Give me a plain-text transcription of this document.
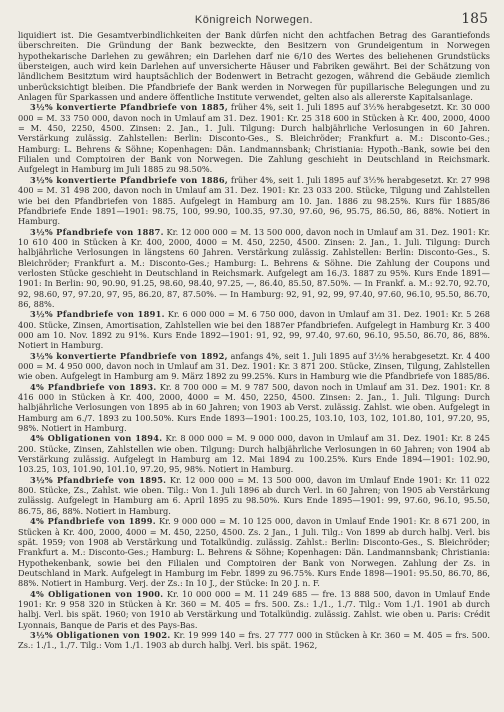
Königreich Norwegen.	185

liquidiert ist. Die Gesamtverbindlichkeiten der Bank dürfen nicht den achtfachen Betrag des Garantiefonds überschreiten. Die Gründung der Bank bezweckte, den Besitzern von Grundeigentum in Norwegen hypothekarische Darlehen zu gewähren; ein Darlehen darf nie 6/10 des Wertes des beliehenen Grundstücks übersteigen, auch wird kein Darlehen auf unversicherte Häuser und Fabriken gewährt. Bei der Schätzung von ländlichem Besitztum wird hauptsächlich der Bodenwert in Betracht gezogen, während die Gebäude ziemlich unberücksichtigt bleiben. Die Pfandbriefe der Bank werden in Norwegen für pupillarische Belegungen und zu Anlagen für Sparkassen und andere öffentliche Institute verwendet, gelten also als allererste Kapitalsanlage.

3½% konvertierte Pfandbriefe von 1885, früher 4%, seit 1. Juli 1895 auf 3½% herabgesetzt. Kr. 30 000 000 = M. 33 750 000, davon noch in Umlauf am 31. Dez. 1901: Kr. 25 318 600 in Stücken à Kr. 400, 2000, 4000 = M. 450, 2250, 4500. Zinsen: 2. Jan., 1. Juli. Tilgung: Durch halbjährliche Verlosungen in 60 Jahren. Verstärkung zulässig. Zahlstellen: Berlin: Disconto-Ges., S. Bleichröder; Frankfurt a. M.: Disconto-Ges.; Hamburg: L. Behrens & Söhne; Kopenhagen: Dän. Landmannsbank; Christiania: Hypoth.-Bank, sowie bei den Filialen und Comptoiren der Bank von Norwegen. Die Zahlung geschieht in Deutschland in Reichsmark. Aufgelegt in Hamburg im Juli 1885 zu 98.50%.

3½% konvertierte Pfandbriefe von 1886, früher 4%, seit 1. Juli 1895 auf 3½% herabgesetzt. Kr. 27 998 400 = M. 31 498 200, davon noch in Umlauf am 31. Dez. 1901: Kr. 23 033 200. Stücke, Tilgung und Zahlstellen wie bei den Pfandbriefen von 1885. Aufgelegt in Hamburg am 10. Jan. 1886 zu 98.25%. Kurs für 1885/86 Pfandbriefe Ende 1891—1901: 98.75, 100, 99.90, 100.35, 97.30, 97.60, 96, 95.75, 86.50, 86, 88%. Notiert in Hamburg.

3½% Pfandbriefe von 1887. Kr. 12 000 000 = M. 13 500 000, davon noch in Umlauf am 31. Dez. 1901: Kr. 10 610 400 in Stücken à Kr. 400, 2000, 4000 = M. 450, 2250, 4500. Zinsen: 2. Jan., 1. Juli. Tilgung: Durch halbjährliche Verlosungen in längstens 60 Jahren. Verstärkung zulässig. Zahlstellen: Berlin: Disconto-Ges., S. Bleichröder; Frankfurt a. M.: Disconto-Ges.; Hamburg: L. Behrens & Söhne. Die Zahlung der Coupons und verlosten Stücke geschieht in Deutschland in Reichsmark. Aufgelegt am 16./3. 1887 zu 95%. Kurs Ende 1891—1901: In Berlin: 90, 90.90, 91.25, 98.60, 98.40, 97.25, —, 86.40, 85.50, 87.50%. — In Frankf. a. M.: 92.70, 92.70, 92, 98.60, 97, 97.20, 97, 95, 86.20, 87, 87.50%. — In Hamburg: 92, 91, 92, 99, 97.40, 97.60, 96.10, 95.50, 86.70, 86, 88%.

3½% Pfandbriefe von 1891. Kr. 6 000 000 = M. 6 750 000, davon in Umlauf am 31. Dez. 1901: Kr. 5 268 400. Stücke, Zinsen, Amortisation, Zahlstellen wie bei den 1887er Pfandbriefen. Aufgelegt in Hamburg Kr. 3 400 000 am 10. Nov. 1892 zu 91%. Kurs Ende 1892—1901: 91, 92, 99, 97.40, 97.60, 96.10, 95.50, 86.70, 86, 88%. Notiert in Hamburg.

3½% konvertierte Pfandbriefe von 1892, anfangs 4%, seit 1. Juli 1895 auf 3½% herabgesetzt. Kr. 4 400 000 = M. 4 950 000, davon noch in Umlauf am 31. Dez. 1901: Kr. 3 871 200. Stücke, Zinsen, Tilgung, Zahlstellen wie oben. Aufgelegt in Hamburg am 9. März 1892 zu 99.25%. Kurs in Hamburg wie die Pfandbriefe von 1885/86.

4% Pfandbriefe von 1893. Kr. 8 700 000 = M. 9 787 500, davon noch in Umlauf am 31. Dez. 1901: Kr. 8 416 000 in Stücken à Kr. 400, 2000, 4000 = M. 450, 2250, 4500. Zinsen: 2. Jan., 1. Juli. Tilgung: Durch halbjährliche Verlosungen von 1895 ab in 60 Jahren; von 1903 ab Verst. zulässig. Zahlst. wie oben. Aufgelegt in Hamburg am 6./7. 1893 zu 100.50%. Kurs Ende 1893—1901: 100.25, 103.10, 103, 102, 101.80, 101, 97.20, 95, 98%. Notiert in Hamburg.

4% Obligationen von 1894. Kr. 8 000 000 = M. 9 000 000, davon in Umlauf am 31. Dez. 1901: Kr. 8 245 200. Stücke, Zinsen, Zahlstellen wie oben. Tilgung: Durch halbjährliche Verlosungen in 60 Jahren; von 1904 ab Verstärkung zulässig. Aufgelegt in Hamburg am 12. Mai 1894 zu 100.25%. Kurs Ende 1894—1901: 102.90, 103.25, 103, 101.90, 101.10, 97.20, 95, 98%. Notiert in Hamburg.

3½% Pfandbriefe von 1895. Kr. 12 000 000 = M. 13 500 000, davon im Umlauf Ende 1901: Kr. 11 022 800. Stücke, Zs., Zahlst. wie oben. Tilg.: Von 1. Juli 1896 ab durch Verl. in 60 Jahren; von 1905 ab Verstärkung zulässig. Aufgelegt in Hamburg am 6. April 1895 zu 98.50%. Kurs Ende 1895—1901: 99, 97.60, 96.10, 95.50, 86.75, 86, 88%. Notiert in Hamburg.

4% Pfandbriefe von 1899. Kr. 9 000 000 = M. 10 125 000, davon in Umlauf Ende 1901: Kr. 8 671 200, in Stücken à Kr. 400, 2000, 4000 = M. 450, 2250, 4500. Zs. 2 Jan., 1 Juli. Tilg.: Von 1899 ab durch halbj. Verl. bis spät. 1959; von 1908 ab Verstärkung und Totalkündig. zulässig. Zahlst.: Berlin: Disconto-Ges., S. Bleichröder; Frankfurt a. M.: Disconto-Ges.; Hamburg: L. Behrens & Söhne; Kopenhagen: Dän. Landmannsbank; Christiania: Hypothekenbank, sowie bei den Filialen und Comptoiren der Bank von Norwegen. Zahlung der Zs. in Deutschland in Mark. Aufgelegt in Hamburg im Febr. 1899 zu 96.75%. Kurs Ende 1898—1901: 95.50, 86.70, 86, 88%. Notiert in Hamburg. Verj. der Zs.: In 10 J., der Stücke: In 20 J. n. F.

4% Obligationen von 1900. Kr. 10 000 000 = M. 11 249 685 — fre. 13 888 500, davon in Umlauf Ende 1901: Kr. 9 958 320 in Stücken à Kr. 360 = M. 405 = frs. 500. Zs.: 1./1., 1./7. Tilg.: Vom 1./1. 1901 ab durch halbj. Verl. bis spät. 1960; von 1910 ab Verstärkung und Totalkündig. zulässig. Zahlst. wie oben u. Paris: Crédit Lyonnais, Banque de Paris et des Pays-Bas.

3½% Obligationen von 1902. Kr. 19 999 140 = frs. 27 777 000 in Stücken à Kr. 360 = M. 405 = frs. 500. Zs.: 1./1., 1./7. Tilg.: Vom 1./1. 1903 ab durch halbj. Verl. bis spät. 1962,
